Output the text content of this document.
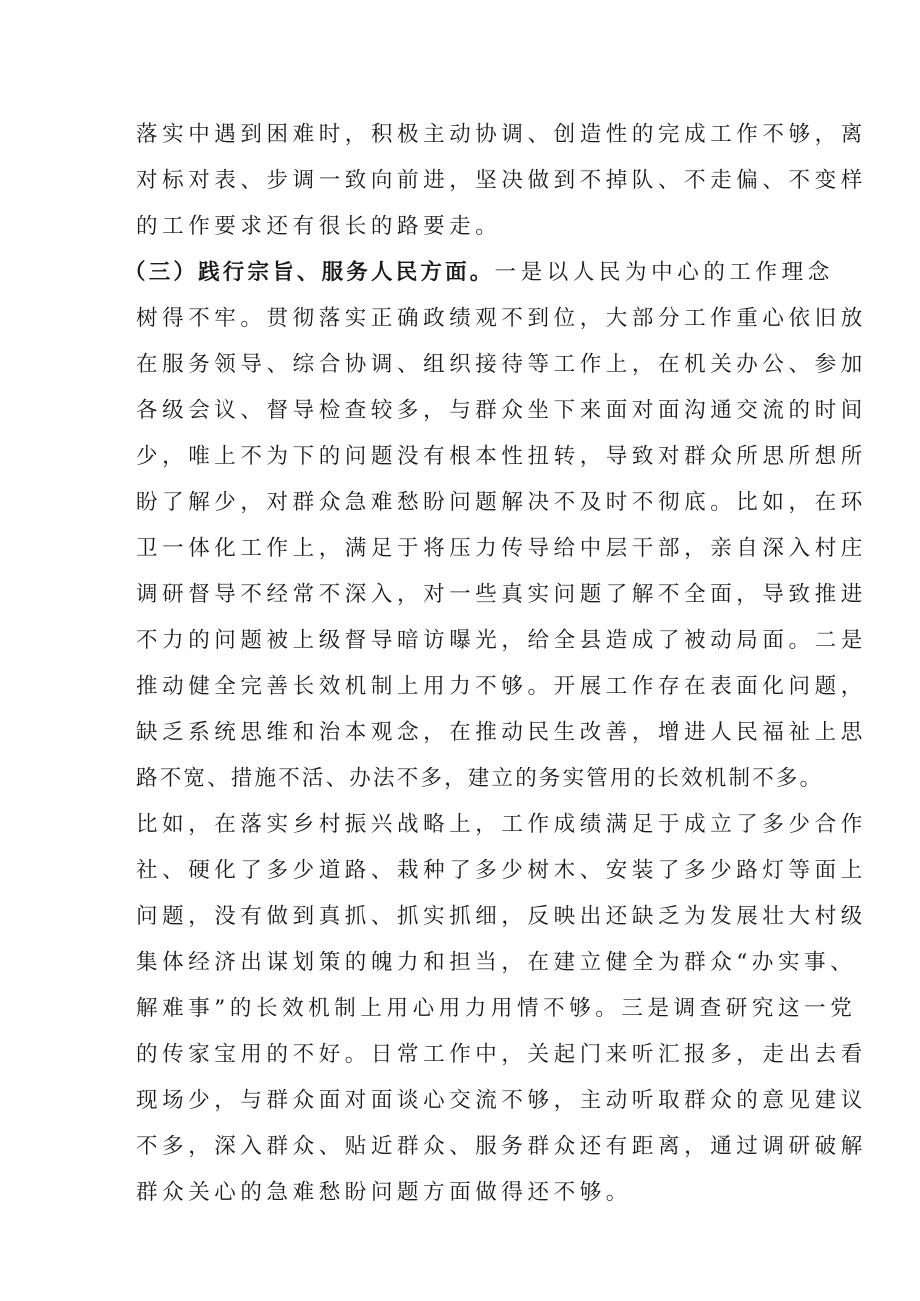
落实中遇到困难时，积极主动协调、创造性的完成工作不够，离
对标对表、步调一致向前进，坚决做到不掉队、不走偏、不变样
的工作要求还有很长的路要走。
（三）践行宗旨、服务人民方面。一是以人民为中心的工作理念
树得不牢。贯彻落实正确政绩观不到位，大部分工作重心依旧放
在服务领导、综合协调、组织接待等工作上，在机关办公、参加
各级会议、督导检查较多，与群众坐下来面对面沟通交流的时间
少，唯上不为下的问题没有根本性扭转，导致对群众所思所想所
盼了解少，对群众急难愁盼问题解决不及时不彻底。比如，在环
卫一体化工作上，满足于将压力传导给中层干部，亲自深入村庄
调研督导不经常不深入，对一些真实问题了解不全面，导致推进
不力的问题被上级督导暗访曝光，给全县造成了被动局面。二是
推动健全完善长效机制上用力不够。开展工作存在表面化问题，
缺乏系统思维和治本观念，在推动民生改善，增进人民福祉上思
路不宽、措施不活、办法不多，建立的务实管用的长效机制不多。
比如，在落实乡村振兴战略上，工作成绩满足于成立了多少合作
社、硬化了多少道路、栽种了多少树木、安装了多少路灯等面上
问题，没有做到真抓、抓实抓细，反映出还缺乏为发展壮大村级
集体经济出谋划策的魄力和担当，在建立健全为群众“办实事、
解难事”的长效机制上用心用力用情不够。三是调查研究这一党
的传家宝用的不好。日常工作中，关起门来听汇报多，走出去看
现场少，与群众面对面谈心交流不够，主动听取群众的意见建议
不多，深入群众、贴近群众、服务群众还有距离，通过调研破解
群众关心的急难愁盼问题方面做得还不够。
